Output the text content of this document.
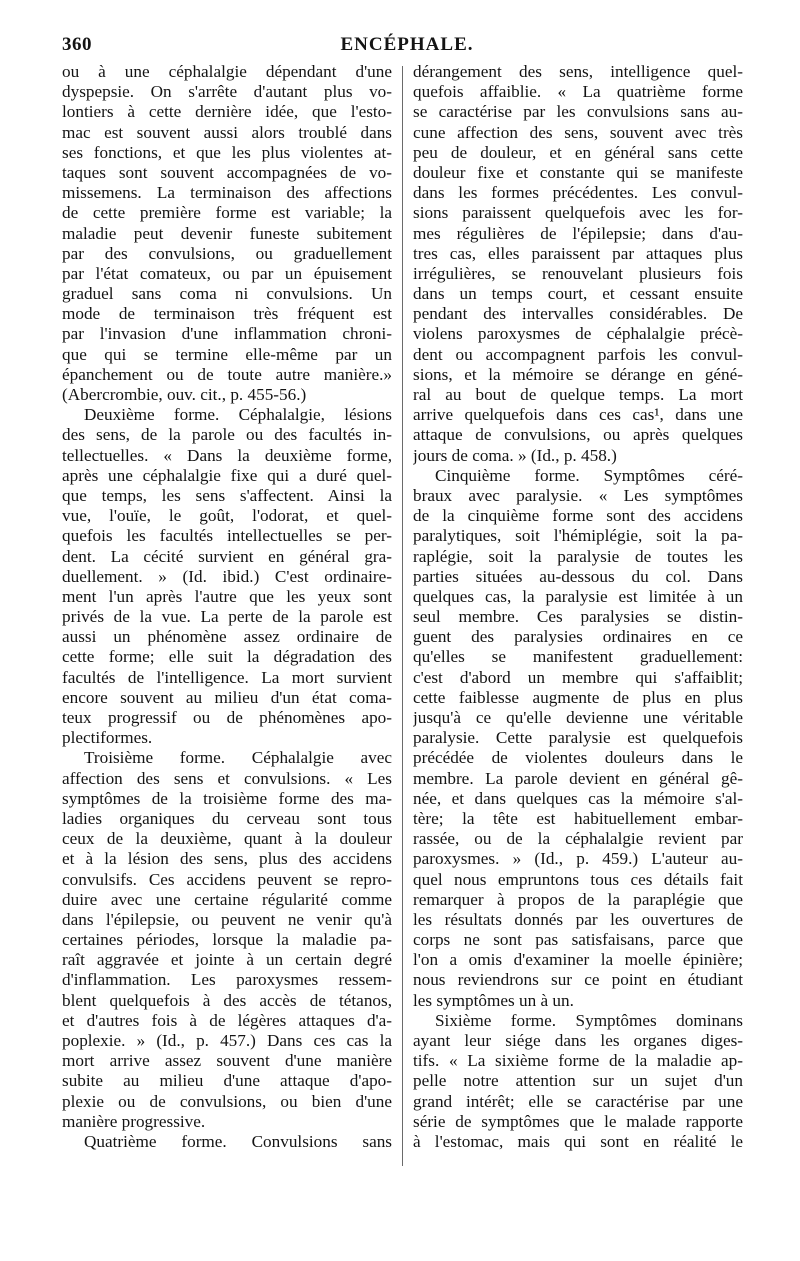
360	ENCÉPHALE.
ou à une céphalalgie dépendant d'une
dyspepsie. On s'arrête d'autant plus vo-
lontiers à cette dernière idée, que l'esto-
mac est souvent aussi alors troublé dans
ses fonctions, et que les plus violentes at-
taques sont souvent accompagnées de vo-
missemens. La terminaison des affections
de cette première forme est variable; la
maladie peut devenir funeste subitement
par des convulsions, ou graduellement
par l'état comateux, ou par un épuisement
graduel sans coma ni convulsions. Un
mode de terminaison très fréquent est
par l'invasion d'une inflammation chroni-
que qui se termine elle-même par un
épanchement ou de toute autre manière.»
(Abercrombie, ouv. cit., p. 455-56.)
Deuxième forme. Céphalalgie, lésions
des sens, de la parole ou des facultés in-
tellectuelles. « Dans la deuxième forme,
après une céphalalgie fixe qui a duré quel-
que temps, les sens s'affectent. Ainsi la
vue, l'ouïe, le goût, l'odorat, et quel-
quefois les facultés intellectuelles se per-
dent. La cécité survient en général gra-
duellement. » (Id. ibid.) C'est ordinaire-
ment l'un après l'autre que les yeux sont
privés de la vue. La perte de la parole est
aussi un phénomène assez ordinaire de
cette forme; elle suit la dégradation des
facultés de l'intelligence. La mort survient
encore souvent au milieu d'un état coma-
teux progressif ou de phénomènes apo-
plectiformes.
Troisième forme. Céphalalgie avec
affection des sens et convulsions. « Les
symptômes de la troisième forme des ma-
ladies organiques du cerveau sont tous
ceux de la deuxième, quant à la douleur
et à la lésion des sens, plus des accidens
convulsifs. Ces accidens peuvent se repro-
duire avec une certaine régularité comme
dans l'épilepsie, ou peuvent ne venir qu'à
certaines périodes, lorsque la maladie pa-
raît aggravée et jointe à un certain degré
d'inflammation. Les paroxysmes ressem-
blent quelquefois à des accès de tétanos,
et d'autres fois à de légères attaques d'a-
poplexie. » (Id., p. 457.) Dans ces cas la
mort arrive assez souvent d'une manière
subite au milieu d'une attaque d'apo-
plexie ou de convulsions, ou bien d'une
manière progressive.
Quatrième forme. Convulsions sans
dérangement des sens, intelligence quel-
quefois affaiblie. « La quatrième forme
se caractérise par les convulsions sans au-
cune affection des sens, souvent avec très
peu de douleur, et en général sans cette
douleur fixe et constante qui se manifeste
dans les formes précédentes. Les convul-
sions paraissent quelquefois avec les for-
mes régulières de l'épilepsie; dans d'au-
tres cas, elles paraissent par attaques plus
irrégulières, se renouvelant plusieurs fois
dans un temps court, et cessant ensuite
pendant des intervalles considérables. De
violens paroxysmes de céphalalgie précè-
dent ou accompagnent parfois les convul-
sions, et la mémoire se dérange en géné-
ral au bout de quelque temps. La mort
arrive quelquefois dans ces cas¹, dans une
attaque de convulsions, ou après quelques
jours de coma. » (Id., p. 458.)
Cinquième forme. Symptômes céré-
braux avec paralysie. « Les symptômes
de la cinquième forme sont des accidens
paralytiques, soit l'hémiplégie, soit la pa-
raplégie, soit la paralysie de toutes les
parties situées au-dessous du col. Dans
quelques cas, la paralysie est limitée à un
seul membre. Ces paralysies se distin-
guent des paralysies ordinaires en ce
qu'elles se manifestent graduellement:
c'est d'abord un membre qui s'affaiblit;
cette faiblesse augmente de plus en plus
jusqu'à ce qu'elle devienne une véritable
paralysie. Cette paralysie est quelquefois
précédée de violentes douleurs dans le
membre. La parole devient en général gê-
née, et dans quelques cas la mémoire s'al-
tère; la tête est habituellement embar-
rassée, ou de la céphalalgie revient par
paroxysmes. » (Id., p. 459.) L'auteur au-
quel nous empruntons tous ces détails fait
remarquer à propos de la paraplégie que
les résultats donnés par les ouvertures de
corps ne sont pas satisfaisans, parce que
l'on a omis d'examiner la moelle épinière;
nous reviendrons sur ce point en étudiant
les symptômes un à un.
Sixième forme. Symptômes dominans
ayant leur siége dans les organes diges-
tifs. « La sixième forme de la maladie ap-
pelle notre attention sur un sujet d'un
grand intérêt; elle se caractérise par une
série de symptômes que le malade rapporte
à l'estomac, mais qui sont en réalité le
